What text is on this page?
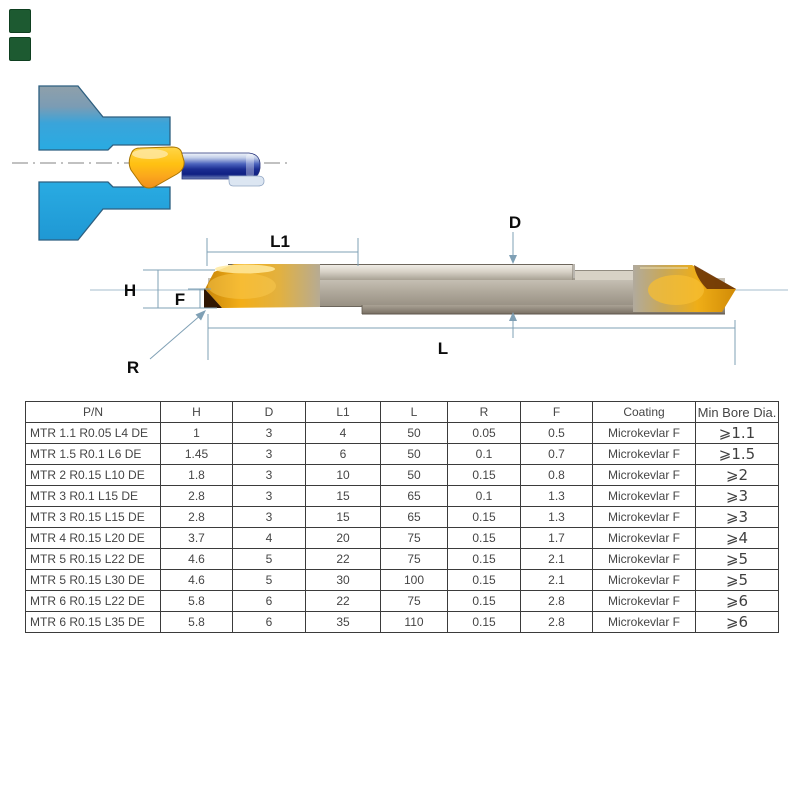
L1
D
H F
R
L
P/N	H	D	L1	L	R	F	Coating	Min Bore Dia.
MTR 1.1 R0.05 L4 DE	1	3	4	50	0.05	0.5	Microkevlar F	⩾1.1
MTR 1.5 R0.1 L6 DE	1.45	3	6	50	0.1	0.7	Microkevlar F	⩾1.5
MTR 2 R0.15 L10 DE	1.8	3	10	50	0.15	0.8	Microkevlar F	⩾2
MTR 3 R0.1 L15 DE	2.8	3	15	65	0.1	1.3	Microkevlar F	⩾3
MTR 3 R0.15 L15 DE	2.8	3	15	65	0.15	1.3	Microkevlar F	⩾3
MTR 4 R0.15 L20 DE	3.7	4	20	75	0.15	1.7	Microkevlar F	⩾4
MTR 5 R0.15 L22 DE	4.6	5	22	75	0.15	2.1	Microkevlar F	⩾5
MTR 5 R0.15 L30 DE	4.6	5	30	100	0.15	2.1	Microkevlar F	⩾5
MTR 6 R0.15 L22 DE	5.8	6	22	75	0.15	2.8	Microkevlar F	⩾6
MTR 6 R0.15 L35 DE	5.8	6	35	110	0.15	2.8	Microkevlar F	⩾6
